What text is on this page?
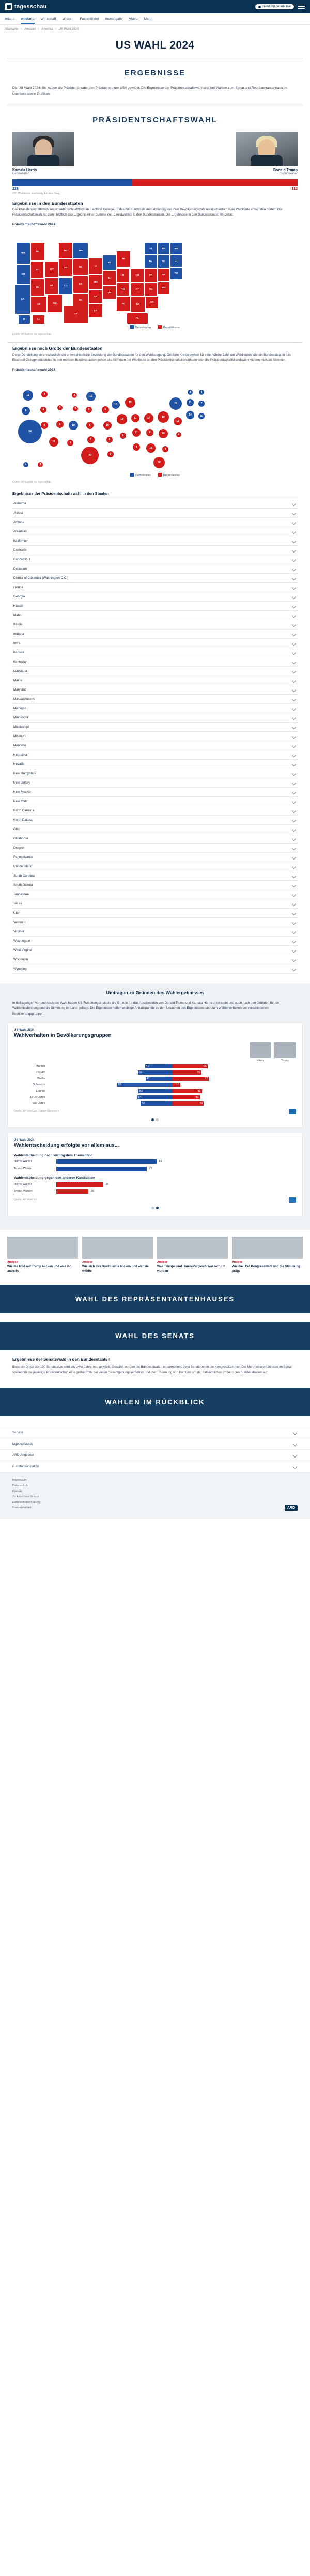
tagesschau	Sendung gerade live
Inland Ausland Wirtschaft Wissen Faktenfinder Investigativ Video Mehr
Startseite > Ausland > Amerika > US Wahl 2024
US WAHL 2024
ERGEBNISSE
Die US-Wahl 2024: Sie haben die Präsidentin oder den Präsidenten der USA gewählt. Die Ergebnisse der Präsidentschaftswahl sind bei Wahlen zum Senat und Repräsentantenhaus im Überblick sowie Grafiken.
PRÄSIDENTSCHAFTSWAHL
Kamala Harris
Demokraten
Donald Trump
Republikaner
226	312
270 Wahlleute sind nötig für den Sieg
Ergebnisse in den Bundesstaaten
Das Präsidentschaftswahl entscheidet sich letztlich im Electoral College. In das die Bundesstaaten abhängig von ihrer Bevölkerungszahl unterschiedlich viele Wahlleute entsenden dürfen. Die Präsidentschaftswahl ist damit letztlich das Ergebnis einer Summe von Einzelwahlen in den Bundesstaaten. Die Ergebnisse in den Bundesstaaten im Detail:
Präsidentschaftswahl 2024
WA
OR
CA
MT
ID
NV
AZ
WY
UT	CO
NM
ND
SD	NE
KS
OK
TX
MN
IA
MO
AR
LA
WI
IL
MS
MI
IN
TN
AL
OH
KY
GA
FL
PA
NC
SC
NY
VA
WV
NJ
MA
VT	ME
CT
DE
HI	AK
Demokraten	Republikaner
Quelle: AP/Edison via tagesschau
Ergebnisse nach Größe der Bundesstaaten
Diese Darstellung veranschaulicht die unterschiedliche Bedeutung der Bundesstaaten für den Wahlausgang. Größere Kreise stehen für eine höhere Zahl von Wahlleuten, die ein Bundesstaat in das Electoral College entsendet. In den meisten Bundesstaaten gehen alle Stimmen der Wahlleute an den Präsidentschaftskandidaten oder die Präsidentschaftskandidatin mit den meisten Stimmen.
Präsidentschaftswahl 2024
12
8
54
4
4
6
11
3
6	10
5
3
3	5
6
7
40
10
6
10
6
8
10
19
6
15
11
11
9
17
8
16
30
19
16
9
28
13
4
14
11
3	4
7
10
4	3
Demokraten	Republikaner
Quelle: AP/Edison via tagesschau
Ergebnisse der Präsidentschaftswahl in den Staaten
Alabama
Alaska
Arizona
Arkansas
Kalifornien
Colorado
Connecticut
Delaware
District of Columbia (Washington D.C.)
Florida
Georgia
Hawaii
Idaho
Illinois
Indiana
Iowa
Kansas
Kentucky
Louisiana
Maine
Maryland
Massachusetts
Michigan
Minnesota
Mississippi
Missouri
Montana
Nebraska
Nevada
New Hampshire
New Jersey
New Mexico
New York
North Carolina
North Dakota
Ohio
Oklahoma
Oregon
Pennsylvania
Rhode Island
South Carolina
South Dakota
Tennessee
Texas
Utah
Vermont
Virginia
Washington
West Virginia
Wisconsin
Wyoming
Umfragen zu Gründen des Wahlergebnisses
In Befragungen vor und nach der Wahl haben US-Forschungsinstitute die Gründe für das Abschneiden von Donald Trump und Kamala Harris untersucht und auch nach den Gründen für die Wahlentscheidung und die Stimmung im Land gefragt. Die Ergebnisse helfen wichtige Anhaltspunkte zu den Ursachen des Ergebnisses und zum Wählerverhalten bei verschiedenen Bevölkerungsgruppen.
US-Wahl 2024
Wahlverhalten in Bevölkerungsgruppen
Harris	Trump
Männer	42	55
Frauen	53	45
Weiße	41	57
Schwarze	85	13
Latinos	52	46
18-29 Jahre	54	43
65+ Jahre	49	49
Quelle: AP VoteCast / Edison Research
US-Wahl 2024
Wahlentscheidung erfolgte vor allem aus...
Wahlentscheidung nach wichtigstem Themenfeld
Harris-Wähler	81
Trump-Wähler	73
Wahlentscheidung gegen den anderen Kandidaten
Harris-Wähler	38
Trump-Wähler	26
Quelle: AP VoteCast
Analyse
Wie die USA auf Trump blicken und was ihn antreibt
Analyse
Wie sich das Duell Harris blicken und wer sie wählte
Analyse
Was Trumps und Harris-Vergleich Wasserturm wurden
Analyse
Wie die USA Kongresswahl und die Stimmung prägt
WAHL DES REPRÄSENTANTENHAUSES
WAHL DES SENATS
Ergebnisse der Senatswahl in den Bundesstaaten
Etwa ein Drittel der 100 Senatssitze wird alle zwei Jahre neu gewählt. Gewählt wurden die Bundesstaaten entsprechend zwei Senatoren in die Kongresskammer. Die Mehrheitsverhältnisse im Senat spielen für die jeweilige Präsidentschaft eine große Rolle bei vielen Gesetzgebungsverfahren und der Ernennung von Richtern um der Tatsächlichen 2024 in den Bundesstaaten auf:
WAHLEN IM RÜCKBLICK
Service
tagesschau.de
ARD-Angebote
Rundfunkanstalten
Impressum
Datenschutz
Kontakt
Zu Ansichten für uns
Datenschutzerklärung
Barrierefreiheit	ARD
